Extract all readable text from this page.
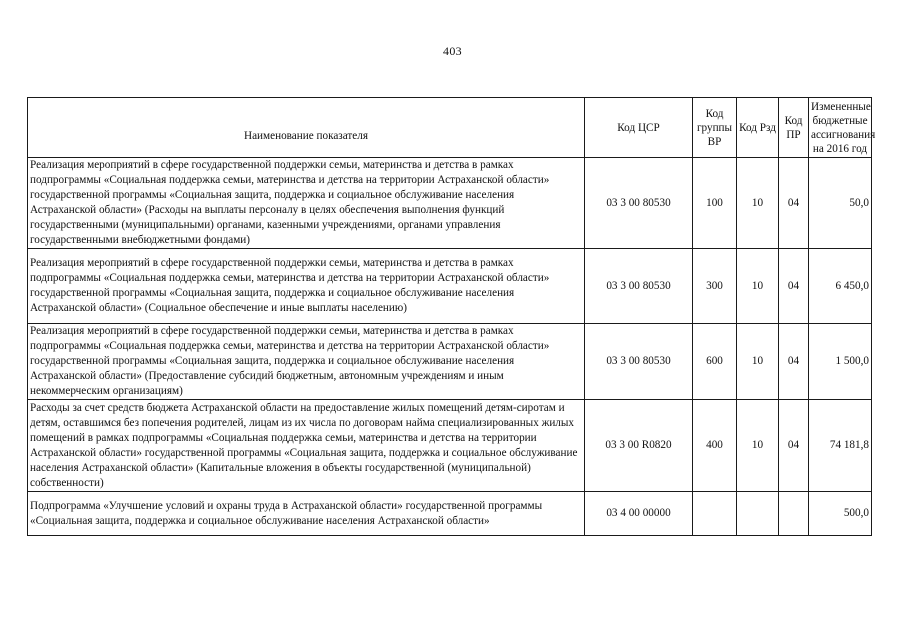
403
Наименование показателя	Код ЦСР	Код группы ВР	Код Рзд	Код ПР	Измененные бюджетные ассигнования на 2016 год
Реализация мероприятий в сфере государственной поддержки семьи, материнства и детства в рамках подпрограммы «Социальная поддержка семьи, материнства и детства на территории Астраханской области» государственной программы «Социальная защита, поддержка и социальное обслуживание населения Астраханской области» (Расходы на выплаты персоналу в целях обеспечения выполнения функций государственными (муниципальными) органами, казенными учреждениями, органами управления государственными внебюджетными фондами)	03 3 00 80530	100	10	04	50,0
Реализация мероприятий в сфере государственной поддержки семьи, материнства и детства в рамках подпрограммы «Социальная поддержка семьи, материнства и детства на территории Астраханской области» государственной программы «Социальная защита, поддержка и социальное обслуживание населения Астраханской области» (Социальное обеспечение и иные выплаты населению)	03 3 00 80530	300	10	04	6 450,0
Реализация мероприятий в сфере государственной поддержки семьи, материнства и детства в рамках подпрограммы «Социальная поддержка семьи, материнства и детства на территории Астраханской области» государственной программы «Социальная защита, поддержка и социальное обслуживание населения Астраханской области» (Предоставление субсидий бюджетным, автономным учреждениям и иным некоммерческим организациям)	03 3 00 80530	600	10	04	1 500,0
Расходы за счет средств бюджета Астраханской области на предоставление жилых помещений детям-сиротам и детям, оставшимся без попечения родителей, лицам из их числа по договорам найма специализированных жилых помещений в рамках подпрограммы «Социальная поддержка семьи, материнства и детства на территории Астраханской области» государственной программы «Социальная защита, поддержка и социальное обслуживание населения Астраханской области» (Капитальные вложения в объекты государственной (муниципальной) собственности)	03 3 00 R0820	400	10	04	74 181,8
Подпрограмма «Улучшение условий и охраны труда в Астраханской области» государственной программы «Социальная защита, поддержка и социальное обслуживание населения Астраханской области»	03 4 00 00000				500,0
